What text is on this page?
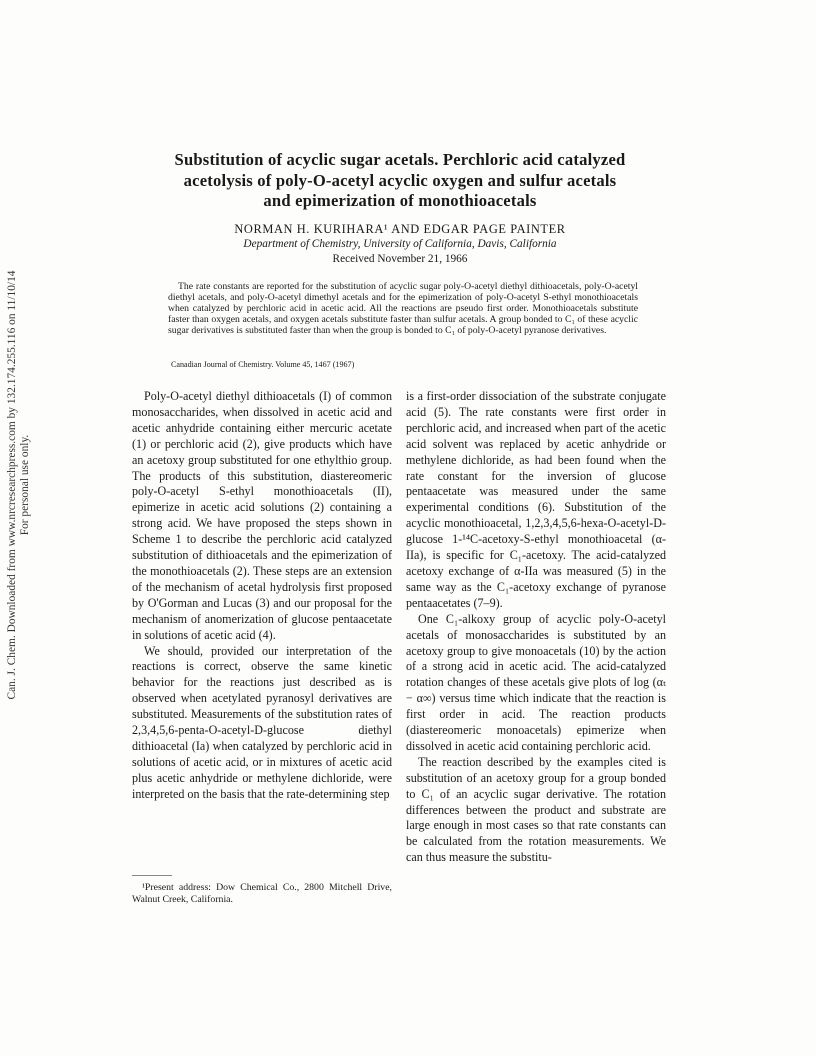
Can. J. Chem. Downloaded from www.nrcresearchpress.com by 132.174.255.116 on 11/10/14 For personal use only.
Substitution of acyclic sugar acetals. Perchloric acid catalyzed
acetolysis of poly-O-acetyl acyclic oxygen and sulfur acetals
and epimerization of monothioacetals
NORMAN H. KURIHARA¹ AND EDGAR PAGE PAINTER
Department of Chemistry, University of California, Davis, California
Received November 21, 1966

The rate constants are reported for the substitution of acyclic sugar poly-O-acetyl diethyl dithioacetals, poly-O-acetyl diethyl acetals, and poly-O-acetyl dimethyl acetals and for the epimerization of poly-O-acetyl S-ethyl monothioacetals when catalyzed by perchloric acid in acetic acid. All the reactions are pseudo first order. Monothioacetals substitute faster than oxygen acetals, and oxygen acetals substitute faster than sulfur acetals. A group bonded to C₁ of these acyclic sugar derivatives is substituted faster than when the group is bonded to C₁ of poly-O-acetyl pyranose derivatives.

Canadian Journal of Chemistry. Volume 45, 1467 (1967)

Poly-O-acetyl diethyl dithioacetals (I) of common monosaccharides, when dissolved in acetic acid and acetic anhydride containing either mercuric acetate (1) or perchloric acid (2), give products which have an acetoxy group substituted for one ethylthio group. The products of this substitution, diastereomeric poly-O-acetyl S-ethyl monothioacetals (II), epimerize in acetic acid solutions (2) containing a strong acid. We have proposed the steps shown in Scheme 1 to describe the perchloric acid catalyzed substitution of dithioacetals and the epimerization of the monothioacetals (2). These steps are an extension of the mechanism of acetal hydrolysis first proposed by O'Gorman and Lucas (3) and our proposal for the mechanism of anomerization of glucose pentaacetate in solutions of acetic acid (4).

We should, provided our interpretation of the reactions is correct, observe the same kinetic behavior for the reactions just described as is observed when acetylated pyranosyl derivatives are substituted. Measurements of the substitution rates of 2,3,4,5,6-penta-O-acetyl-D-glucose diethyl dithioacetal (Ia) when catalyzed by perchloric acid in solutions of acetic acid, or in mixtures of acetic acid plus acetic anhydride or methylene dichloride, were interpreted on the basis that the rate-determining step

is a first-order dissociation of the substrate conjugate acid (5). The rate constants were first order in perchloric acid, and increased when part of the acetic acid solvent was replaced by acetic anhydride or methylene dichloride, as had been found when the rate constant for the inversion of glucose pentaacetate was measured under the same experimental conditions (6). Substitution of the acyclic monothioacetal, 1,2,3,4,5,6-hexa-O-acetyl-D-glucose 1-¹⁴C-acetoxy-S-ethyl monothioacetal (α-IIa), is specific for C₁-acetoxy. The acid-catalyzed acetoxy exchange of α-IIa was measured (5) in the same way as the C₁-acetoxy exchange of pyranose pentaacetates (7–9).

One C₁-alkoxy group of acyclic poly-O-acetyl acetals of monosaccharides is substituted by an acetoxy group to give monoacetals (10) by the action of a strong acid in acetic acid. The acid-catalyzed rotation changes of these acetals give plots of log (αₜ − α∞) versus time which indicate that the reaction is first order in acid. The reaction products (diastereomeric monoacetals) epimerize when dissolved in acetic acid containing perchloric acid.

The reaction described by the examples cited is substitution of an acetoxy group for a group bonded to C₁ of an acyclic sugar derivative. The rotation differences between the product and substrate are large enough in most cases so that rate constants can be calculated from the rotation measurements. We can thus measure the substitu-

¹Present address: Dow Chemical Co., 2800 Mitchell Drive, Walnut Creek, California.
